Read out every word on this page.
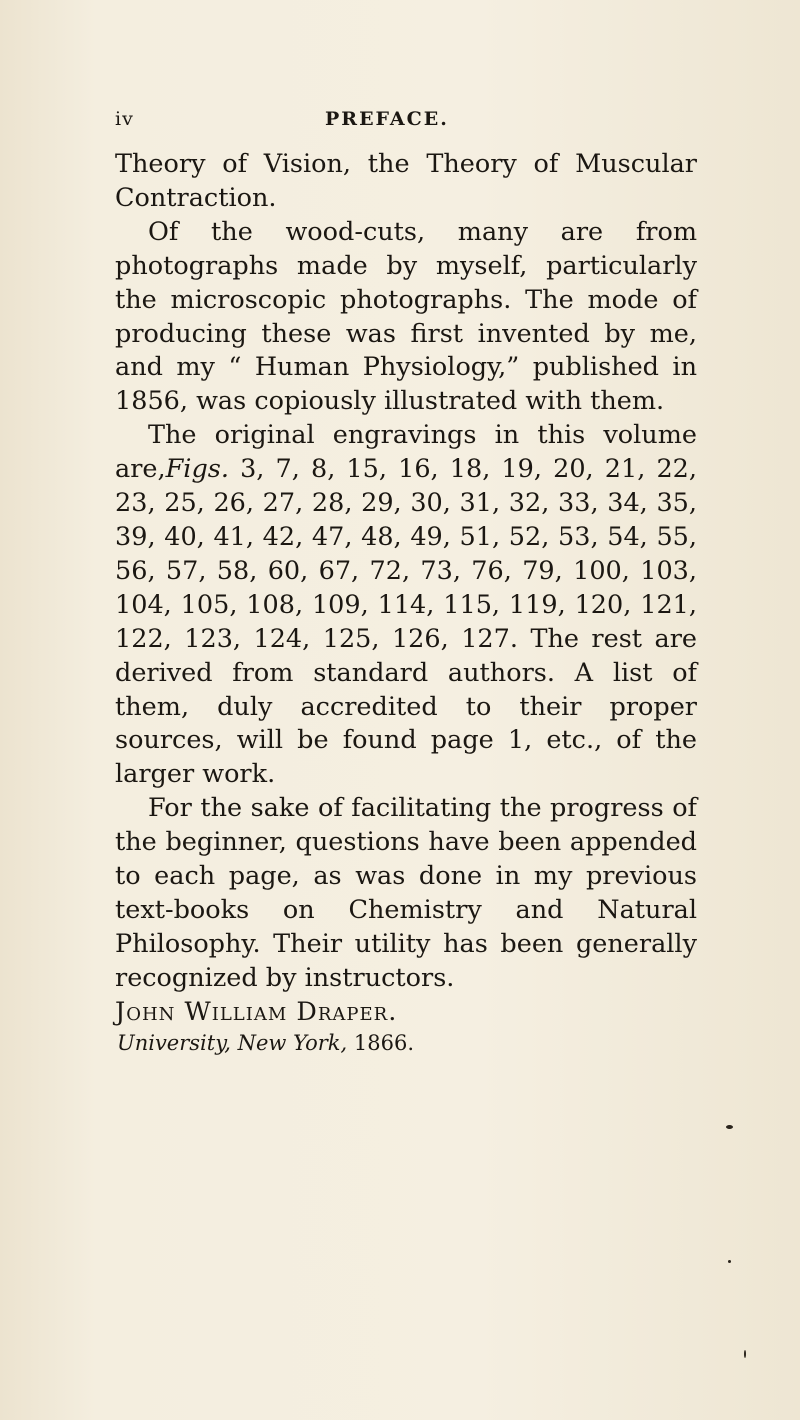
iv	PREFACE.

Theory of Vision, the Theory of Muscular Contraction.

Of the wood-cuts, many are from photographs made by myself, particularly the microscopic photographs. The mode of producing these was first invented by me, and my “ Human Physiology,” published in 1856, was copiously illustrated with them.

The original engravings in this volume are,Figs. 3, 7, 8, 15, 16, 18, 19, 20, 21, 22, 23, 25, 26, 27, 28, 29, 30, 31, 32, 33, 34, 35, 39, 40, 41, 42, 47, 48, 49, 51, 52, 53, 54, 55, 56, 57, 58, 60, 67, 72, 73, 76, 79, 100, 103, 104, 105, 108, 109, 114, 115, 119, 120, 121, 122, 123, 124, 125, 126, 127. The rest are derived from standard authors. A list of them, duly accredited to their proper sources, will be found page 1, etc., of the larger work.

For the sake of facilitating the progress of the beginner, questions have been appended to each page, as was done in my previous text-books on Chemistry and Natural Philosophy. Their utility has been generally recognized by instructors.

John William Draper.

University, New York, 1866.
